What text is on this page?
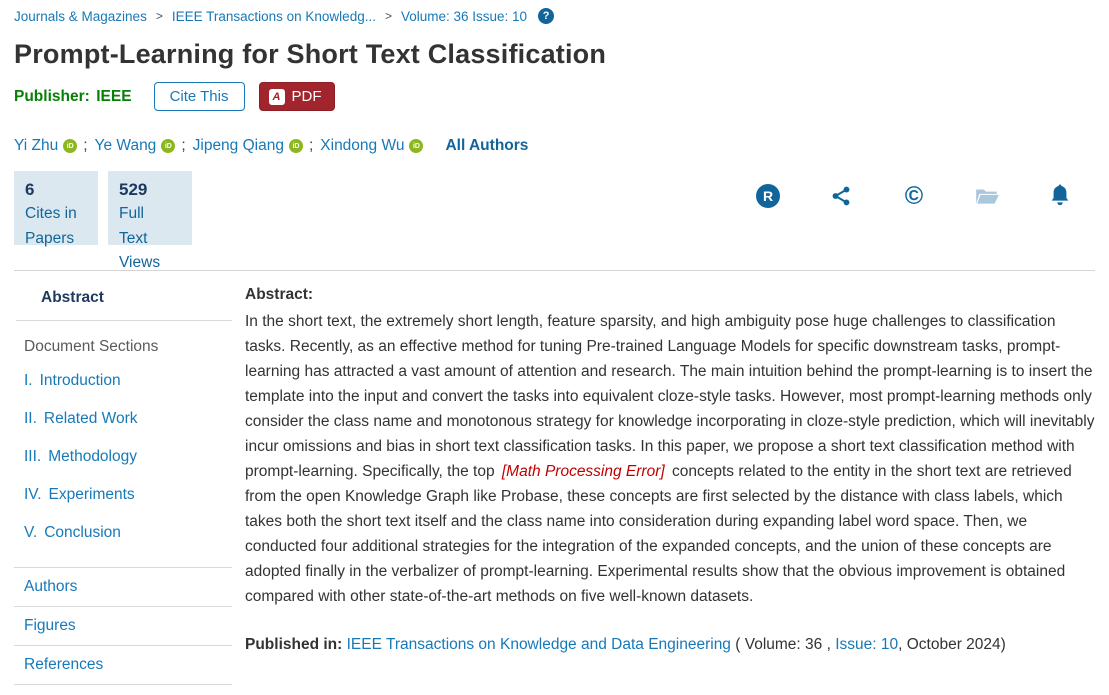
Journals & Magazines > IEEE Transactions on Knowledg... > Volume: 36 Issue: 10	?
Prompt-Learning for Short Text Classification
Publisher: IEEE	Cite This	A PDF
Yi Zhu	iD ; Ye Wang	iD ; Jipeng Qiang	iD ; Xindong Wu	iD All Authors
6
Cites in Papers
529
Full Text Views
R	©
Abstract
Document Sections
I. Introduction
II. Related Work
III. Methodology
IV. Experiments
V. Conclusion
Authors
Figures
References
Abstract:

In the short text, the extremely short length, feature sparsity, and high ambiguity pose huge challenges to classification tasks. Recently, as an effective method for tuning Pre-trained Language Models for specific downstream tasks, prompt-learning has attracted a vast amount of attention and research. The main intuition behind the prompt-learning is to insert the template into the input and convert the tasks into equivalent cloze-style tasks. However, most prompt-learning methods only consider the class name and monotonous strategy for knowledge incorporating in cloze-style prediction, which will inevitably incur omissions and bias in short text classification tasks. In this paper, we propose a short text classification method with prompt-learning. Specifically, the top [Math Processing Error] concepts related to the entity in the short text are retrieved from the open Knowledge Graph like Probase, these concepts are first selected by the distance with class labels, which takes both the short text itself and the class name into consideration during expanding label word space. Then, we conducted four additional strategies for the integration of the expanded concepts, and the union of these concepts are adopted finally in the verbalizer of prompt-learning. Experimental results show that the obvious improvement is obtained compared with other state-of-the-art methods on five well-known datasets.

Published in: IEEE Transactions on Knowledge and Data Engineering ( Volume: 36 , Issue: 10, October 2024)
